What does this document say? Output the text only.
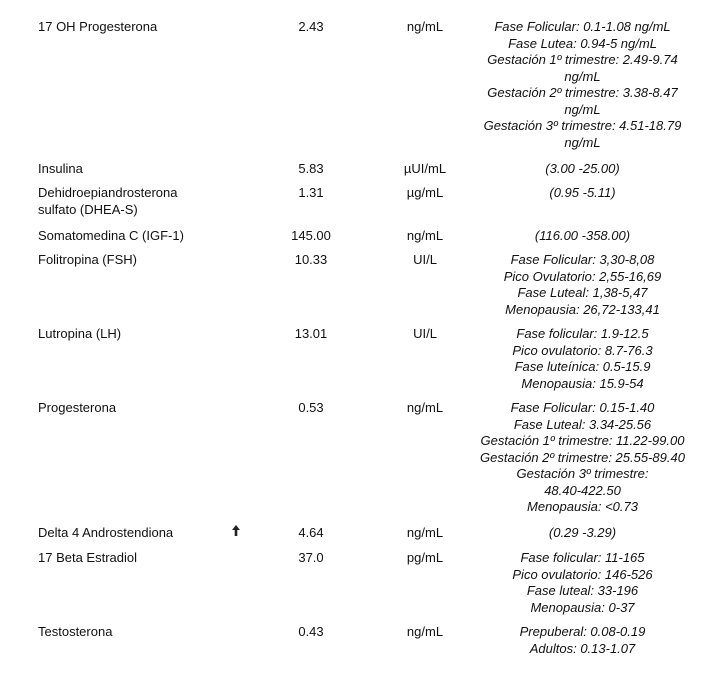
17 OH Progesterona	2.43	ng/mL	Fase Folicular: 0.1-1.08 ng/mL
Fase Lutea: 0.94-5 ng/mL
Gestación 1º trimestre: 2.49-9.74
ng/mL
Gestación 2º trimestre: 3.38-8.47
ng/mL
Gestación 3º trimestre: 4.51-18.79
ng/mL
Insulina	5.83	µUI/mL	(3.00 -25.00)
Dehidroepiandrosterona sulfato (DHEA-S)
1.31	µg/mL	(0.95 -5.11)
Somatomedina C (IGF-1)	145.00	ng/mL	(116.00 -358.00)
Folitropina (FSH)	10.33	UI/L	Fase Folicular: 3,30-8,08
Pico Ovulatorio: 2,55-16,69
Fase Luteal: 1,38-5,47
Menopausia: 26,72-133,41
Lutropina (LH)	13.01	UI/L	Fase folicular: 1.9-12.5
Pico ovulatorio: 8.7-76.3
Fase luteínica: 0.5-15.9
Menopausia: 15.9-54
Progesterona	0.53	ng/mL	Fase Folicular: 0.15-1.40
Fase Luteal: 3.34-25.56
Gestación 1º trimestre: 11.22-99.00
Gestación 2º trimestre: 25.55-89.40
Gestación 3º trimestre:
48.40-422.50
Menopausia: <0.73
Delta 4 Androstendiona	4.64	ng/mL	(0.29 -3.29)
17 Beta Estradiol	37.0	pg/mL	Fase folicular: 11-165
Pico ovulatorio: 146-526
Fase luteal: 33-196
Menopausia: 0-37
Testosterona	0.43	ng/mL	Prepuberal: 0.08-0.19
Adultos: 0.13-1.07
